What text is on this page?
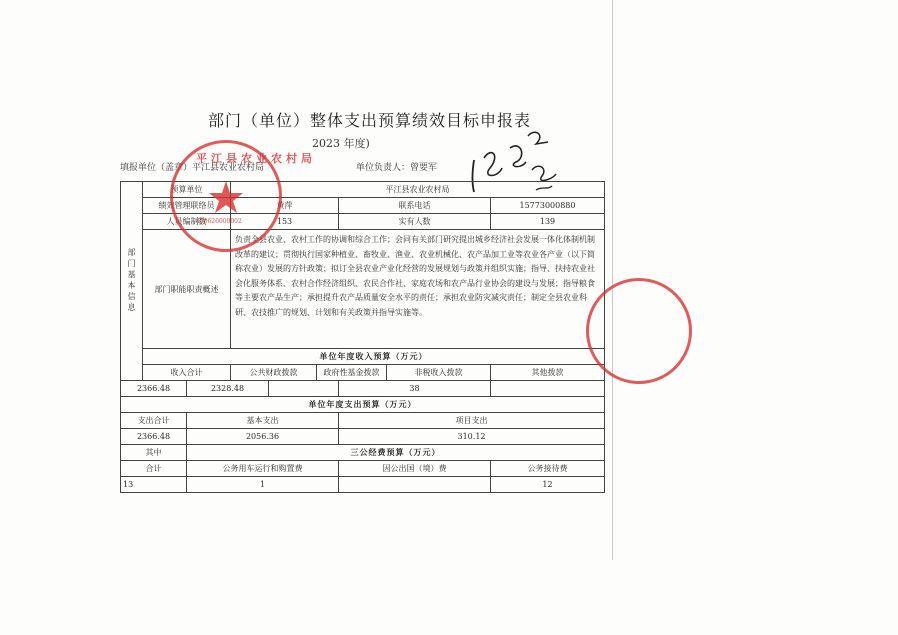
部门（单位）整体支出预算绩效目标申报表
2023 年度)
填报单位（盖章）平江县农业农村局	单位负责人：曾要军
部门基本信息	预算单位		平江县农业农村局					
	绩效管理联络员		黄萍			联系电话		15773000880
	人员编制数		153			实有人数		139
	部门职能职责概述		负责全县农业、农村工作的协调和综合工作；会同有关部门研究提出城乡经济社会发展一体化体制机制改革的建议；贯彻执行国家种植业、畜牧业、渔业、农业机械化、农产品加工业等农业各产业（以下简称农业）发展的方针政策；拟订全县农业产业化经营的发展规划与政策并组织实施；指导、扶持农业社会化服务体系、农村合作经济组织、农民合作社、家庭农场和农产品行业协会的建设与发展；指导粮食等主要农产品生产；承担提升农产品质量安全水平的责任；承担农业防灾减灾责任；制定全县农业科研、农技推广的规划、计划和有关政策并指导实施等。					
	单位年度收入预算（万元）							
	收入合计		公共财政拨款		政府性基金拨款		非税收入拨款	其他拨款
2366.48		2328.48				38		
单位年度支出预算（万元）								
支出合计		基本支出				项目支出		
2366.48		2056.36				310.12		
其中		三公经费预算（万元）						
合计		公务用车运行和购置费				因公出国（境）费		公务接待费
13		1						12
平江县农业农村局
430626000002
